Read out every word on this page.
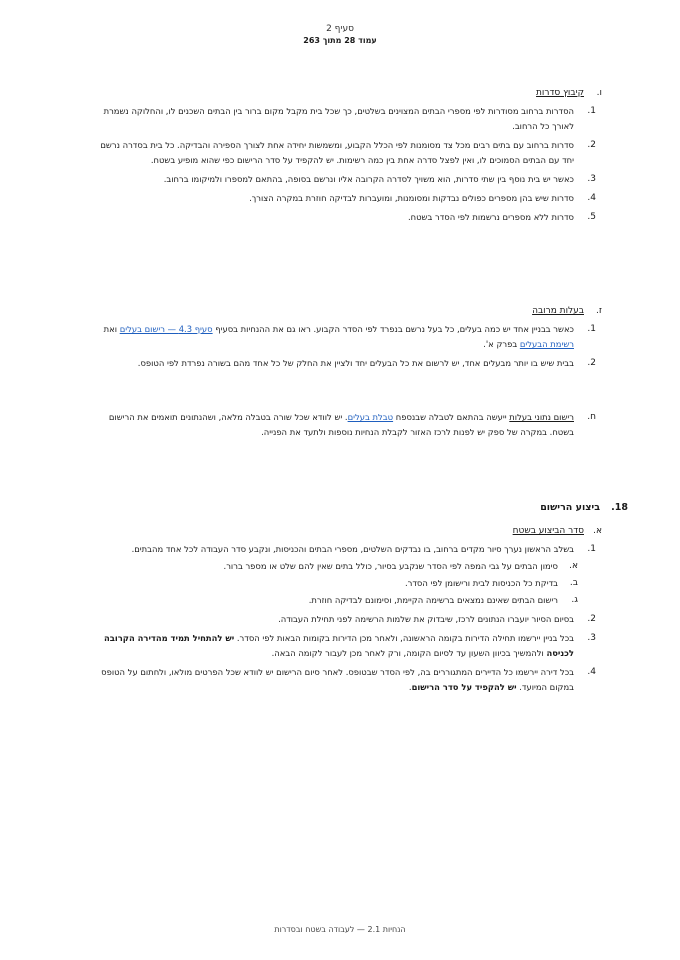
סעיף 2
עמוד 28 מתוך 263
ו.
קיבוץ סדרות
1.
הסדרות ברחוב מסודרות לפי מספרי הבתים המצוינים בשלטים, כך שכל בית מקבל מקום ברור בין הבתים השכנים לו, והחלוקה נשמרת לאורך כל הרחוב.
2.
סדרות ברחוב עם בתים רבים מכל צד מסומנות לפי הכלל הקבוע, ומשמשות יחידה אחת לצורך הספירה והבדיקה. כל בית בסדרה נרשם יחד עם הבתים הסמוכים לו, ואין לפצל סדרה אחת בין כמה רשימות. יש להקפיד על סדר הרישום כפי שהוא מופיע בשטח.
3.
כאשר יש בית נוסף בין שתי סדרות, הוא משויך לסדרה הקרובה אליו ונרשם בסופה, בהתאם למספרו ולמיקומו ברחוב.
4.
סדרות שיש בהן מספרים כפולים נבדקות ומסומנות, ומועברות לבדיקה חוזרת במקרה הצורך.
5.
סדרות ללא מספרים נרשמות לפי הסדר בשטח.
ז.
בעלות מרובה
1.
כאשר בבניין אחד יש כמה בעלים, כל בעל נרשם בנפרד לפי הסדר הקבוע. ראו גם את ההנחיות בסעיף סעיף 4.3 — רישום בעלים ואת רשימת הבעלים בפרק א'.
2.
בבית שיש בו יותר מבעלים אחד, יש לרשום את כל הבעלים יחד ולציין את החלק של כל אחד מהם בשורה נפרדת לפי הטופס.
ח.
רישום נתוני בעלות ייעשה בהתאם לטבלה שבנספח טבלת בעלים. יש לוודא שכל שורה בטבלה מלאה, ושהנתונים תואמים את הרישום בשטח. במקרה של ספק יש לפנות לרכז האזור לקבלת הנחיות נוספות ולתעד את הפנייה.
18.
ביצוע הרישום
א.
סדר הביצוע בשטח
1.
בשלב הראשון נערך סיור מקדים ברחוב, בו נבדקים השלטים, מספרי הבתים והכניסות, ונקבע סדר העבודה לכל אחד מהבתים.
א.
סימון הבתים על גבי המפה לפי הסדר שנקבע בסיור, כולל בתים שאין להם שלט או מספר ברור.
ב.
בדיקת כל הכניסות לבית ורישומן לפי הסדר.
ג.
רישום הבתים שאינם נמצאים ברשימה הקיימת, וסימונם לבדיקה חוזרת.
2.
בסיום הסיור יועברו הנתונים לרכז, שיבדוק את שלמות הרשימה לפני תחילת העבודה.
3.
בכל בניין יירשמו תחילה הדירות בקומה הראשונה, ולאחר מכן הדירות בקומות הבאות לפי הסדר. יש להתחיל תמיד מהדירה הקרובה לכניסה ולהמשיך בכיוון השעון עד לסיום הקומה, ורק לאחר מכן לעבור לקומה הבאה.
4.
בכל דירה יירשמו כל הדיירים המתגוררים בה, לפי הסדר שבטופס. לאחר סיום הרישום יש לוודא שכל הפרטים מולאו, ולחתום על הטופס במקום המיועד. יש להקפיד על סדר הרישום.
הנחיות 2.1 — לעבודה בשטח ובסדרות
